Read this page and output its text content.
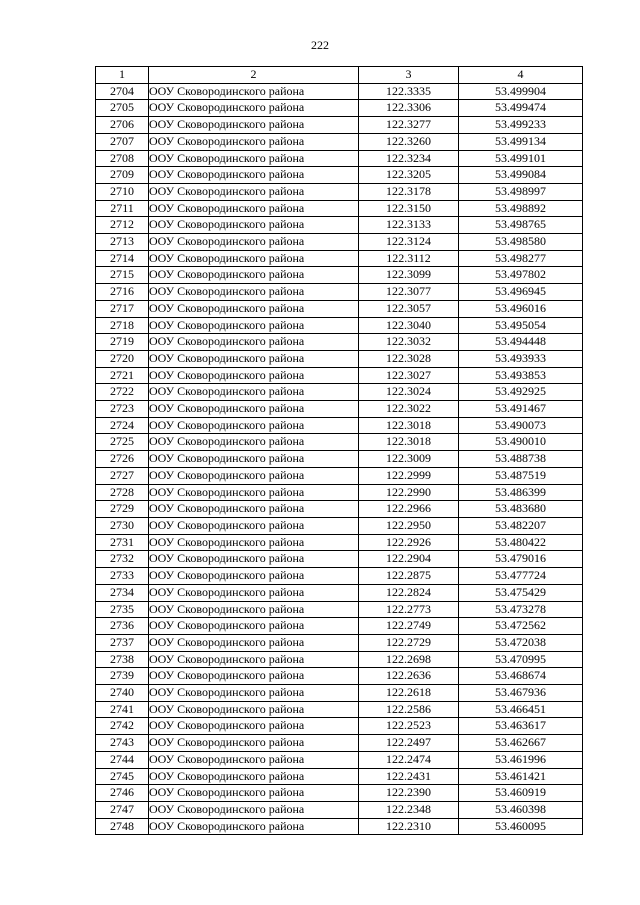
222
1	2	3	4
2704	ООУ Сковородинского района	122.3335	53.499904
2705	ООУ Сковородинского района	122.3306	53.499474
2706	ООУ Сковородинского района	122.3277	53.499233
2707	ООУ Сковородинского района	122.3260	53.499134
2708	ООУ Сковородинского района	122.3234	53.499101
2709	ООУ Сковородинского района	122.3205	53.499084
2710	ООУ Сковородинского района	122.3178	53.498997
2711	ООУ Сковородинского района	122.3150	53.498892
2712	ООУ Сковородинского района	122.3133	53.498765
2713	ООУ Сковородинского района	122.3124	53.498580
2714	ООУ Сковородинского района	122.3112	53.498277
2715	ООУ Сковородинского района	122.3099	53.497802
2716	ООУ Сковородинского района	122.3077	53.496945
2717	ООУ Сковородинского района	122.3057	53.496016
2718	ООУ Сковородинского района	122.3040	53.495054
2719	ООУ Сковородинского района	122.3032	53.494448
2720	ООУ Сковородинского района	122.3028	53.493933
2721	ООУ Сковородинского района	122.3027	53.493853
2722	ООУ Сковородинского района	122.3024	53.492925
2723	ООУ Сковородинского района	122.3022	53.491467
2724	ООУ Сковородинского района	122.3018	53.490073
2725	ООУ Сковородинского района	122.3018	53.490010
2726	ООУ Сковородинского района	122.3009	53.488738
2727	ООУ Сковородинского района	122.2999	53.487519
2728	ООУ Сковородинского района	122.2990	53.486399
2729	ООУ Сковородинского района	122.2966	53.483680
2730	ООУ Сковородинского района	122.2950	53.482207
2731	ООУ Сковородинского района	122.2926	53.480422
2732	ООУ Сковородинского района	122.2904	53.479016
2733	ООУ Сковородинского района	122.2875	53.477724
2734	ООУ Сковородинского района	122.2824	53.475429
2735	ООУ Сковородинского района	122.2773	53.473278
2736	ООУ Сковородинского района	122.2749	53.472562
2737	ООУ Сковородинского района	122.2729	53.472038
2738	ООУ Сковородинского района	122.2698	53.470995
2739	ООУ Сковородинского района	122.2636	53.468674
2740	ООУ Сковородинского района	122.2618	53.467936
2741	ООУ Сковородинского района	122.2586	53.466451
2742	ООУ Сковородинского района	122.2523	53.463617
2743	ООУ Сковородинского района	122.2497	53.462667
2744	ООУ Сковородинского района	122.2474	53.461996
2745	ООУ Сковородинского района	122.2431	53.461421
2746	ООУ Сковородинского района	122.2390	53.460919
2747	ООУ Сковородинского района	122.2348	53.460398
2748	ООУ Сковородинского района	122.2310	53.460095
